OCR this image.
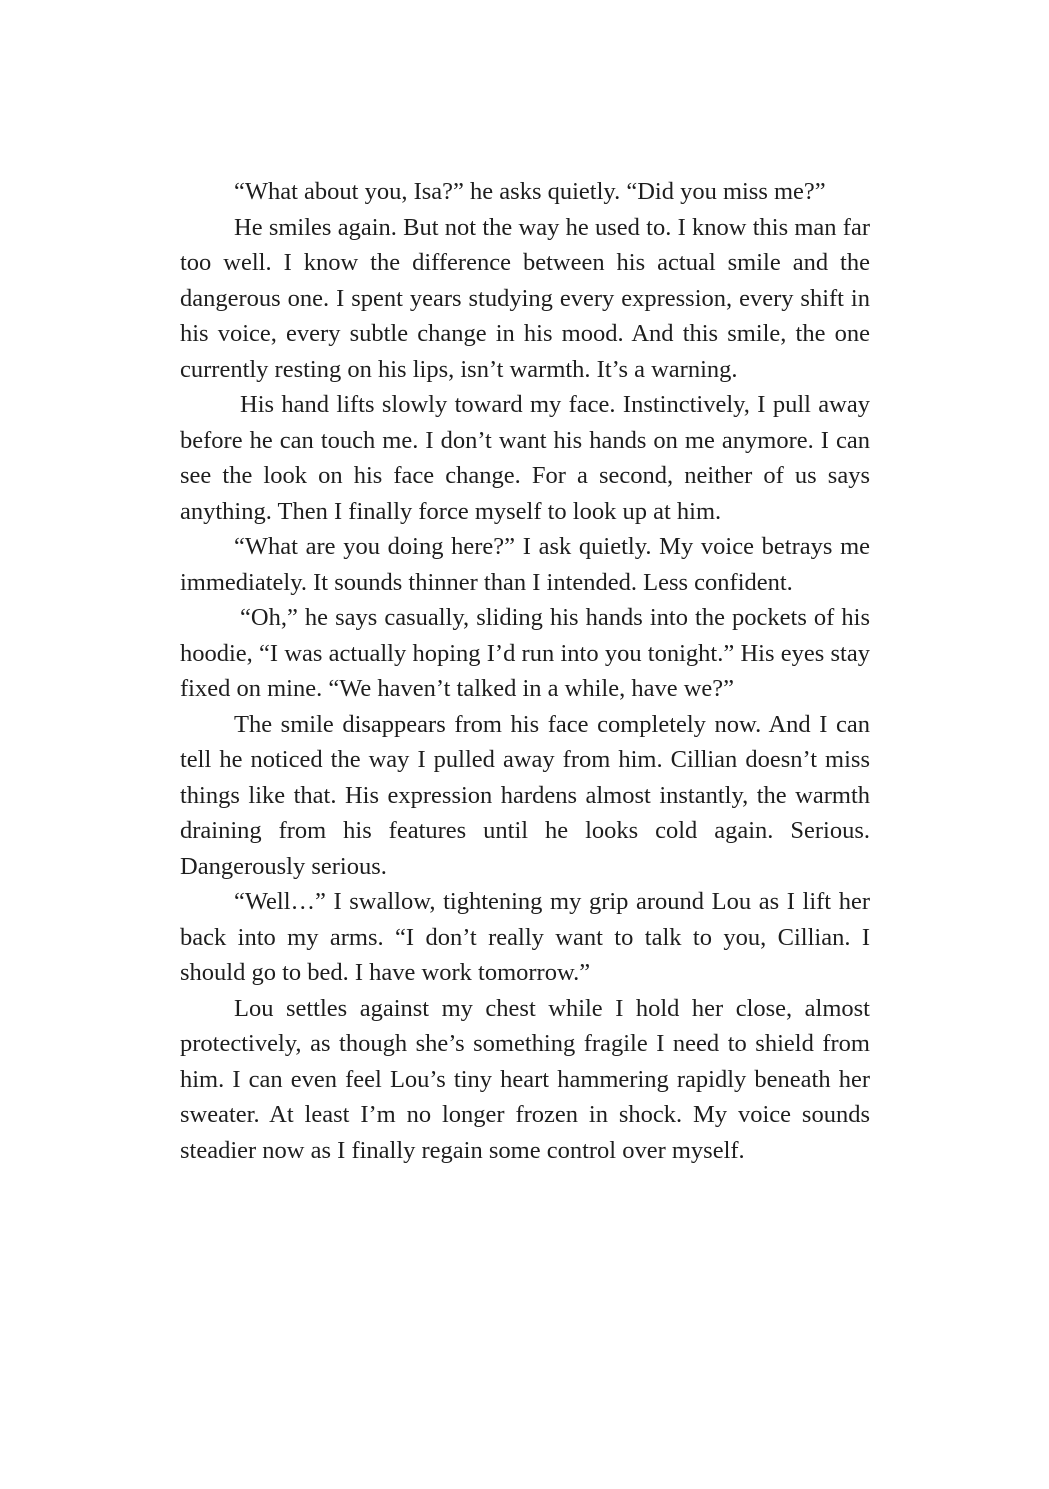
“What about you, Isa?” he asks quietly. “Did you miss me?”

He smiles again. But not the way he used to. I know this man far too well. I know the difference between his actual smile and the dangerous one. I spent years studying every expression, every shift in his voice, every subtle change in his mood. And this smile, the one currently resting on his lips, isn’t warmth. It’s a warning.

His hand lifts slowly toward my face. Instinctively, I pull away before he can touch me. I don’t want his hands on me anymore. I can see the look on his face change. For a second, neither of us says anything. Then I finally force myself to look up at him.

“What are you doing here?” I ask quietly. My voice betrays me immediately. It sounds thinner than I intended. Less confident.

“Oh,” he says casually, sliding his hands into the pockets of his hoodie, “I was actually hoping I’d run into you tonight.” His eyes stay fixed on mine. “We haven’t talked in a while, have we?”

The smile disappears from his face completely now. And I can tell he noticed the way I pulled away from him. Cillian doesn’t miss things like that. His expression hardens almost instantly, the warmth draining from his features until he looks cold again. Serious. Dangerously serious.

“Well…” I swallow, tightening my grip around Lou as I lift her back into my arms. “I don’t really want to talk to you, Cillian. I should go to bed. I have work tomorrow.”

Lou settles against my chest while I hold her close, almost protectively, as though she’s something fragile I need to shield from him. I can even feel Lou’s tiny heart hammering rapidly beneath her sweater. At least I’m no longer frozen in shock. My voice sounds steadier now as I finally regain some control over myself.
